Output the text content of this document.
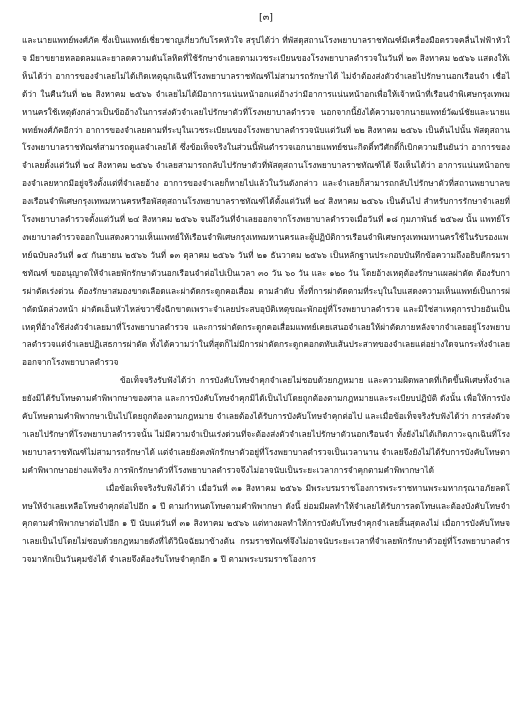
[๓]

และนายแพทย์พงศ์ภัค ซึ่งเป็นแพทย์เชี่ยวชาญเกี่ยวกับโรคหัวใจ สรุปได้ว่า ที่พัสดุสถานโรงพยาบาลราชทัณฑ์มีเครื่องมือตรวจคลื่นไฟฟ้าหัวใจ มียาขยายหลอดลมและยาลดความดันโลหิตที่ใช้รักษาจำเลยตามเวชระเบียนของโรงพยาบาลตำรวจในวันที่ ๒๓ สิงหาคม ๒๕๖๖ แสดงให้เห็นได้ว่า อาการของจำเลยไม่ได้เกิดเหตุฉุกเฉินที่โรงพยาบาลราชทัณฑ์ไม่สามารถรักษาได้ ไม่จำต้องส่งตัวจำเลยไปรักษานอกเรือนจำ เชื่อได้ว่า ในคืนวันที่ ๒๒ สิงหาคม ๒๕๖๖ จำเลยไม่ได้มีอาการแน่นหน้าอกแต่อ้างว่ามีอาการแน่นหน้าอกเพื่อให้เจ้าหน้าที่เรือนจำพิเศษกรุงเทพมหานครใช้เหตุดังกล่าวเป็นข้ออ้างในการส่งตัวจำเลยไปรักษาตัวที่โรงพยาบาลตำรวจ นอกจากนี้ยังได้ความจากนายแพทย์วัฒน์ชัยและนายแพทย์พงศ์ภัคอีกว่า อาการของจำเลยตามที่ระบุในเวชระเบียนของโรงพยาบาลตำรวจนับแต่วันที่ ๒๒ สิงหาคม ๒๕๖๖ เป็นต้นไปนั้น พัสดุสถานโรงพยาบาลราชทัณฑ์สามารถดูแลจำเลยได้ ซึ่งข้อเท็จจริงในส่วนนี้พันตำรวจเอกนายแพทย์ชนะกิตติ์ทวีศักดิ์ก็เบิกความยืนยันว่า อาการของจำเลยตั้งแต่วันที่ ๒๔ สิงหาคม ๒๕๖๖ จำเลยสามารถกลับไปรักษาตัวที่พัสดุสถานโรงพยาบาลราชทัณฑ์ได้ จึงเห็นได้ว่า อาการแน่นหน้าอกของจำเลยหากมีอยู่จริงตั้งแต่ที่จำเลยอ้าง อาการของจำเลยก็หายไปแล้วในวันดังกล่าว และจำเลยก็สามารถกลับไปรักษาตัวที่สถานพยาบาลของเรือนจำพิเศษกรุงเทพมหานครหรือพัสดุสถานโรงพยาบาลราชทัณฑ์ได้ตั้งแต่วันที่ ๒๔ สิงหาคม ๒๕๖๖ เป็นต้นไป สำหรับการรักษาจำเลยที่โรงพยาบาลตำรวจตั้งแต่วันที่ ๒๔ สิงหาคม ๒๕๖๖ จนถึงวันที่จำเลยออกจากโรงพยาบาลตำรวจเมื่อวันที่ ๑๘ กุมภาพันธ์ ๒๕๖๗ นั้น แพทย์โรงพยาบาลตำรวจออกใบแสดงความเห็นแพทย์ให้เรือนจำพิเศษกรุงเทพมหานครและผู้ปฏิบัติการเรือนจำพิเศษกรุงเทพมหานครใช้ในรับรองแพทย์ฉบับลงวันที่ ๑๕ กันยายน ๒๕๖๖ วันที่ ๑๓ ตุลาคม ๒๕๖๖ วันที่ ๒๑ ธันวาคม ๒๕๖๖ เป็นหลักฐานประกอบบันทึกข้อความถึงอธิบดีกรมราชทัณฑ์ ขออนุญาตให้จำเลยพักรักษาตัวนอกเรือนจำต่อไปเป็นเวลา ๓๐ วัน ๖๐ วัน และ ๑๒๐ วัน โดยอ้างเหตุต้องรักษาแผลผ่าตัด ต้องรับการผ่าตัดเร่งด่วน ต้องรักษาสมองขาดเลือดและผ่าตัดกระดูกคอเสื่อม ตามลำดับ ทั้งที่การผ่าตัดตามที่ระบุในใบแสดงความเห็นแพทย์เป็นการผ่าตัดนัดล่วงหน้า ผ่าตัดเอ็นหัวไหล่ขวาซึ่งฉีกขาดเพราะจำเลยประสบอุบัติเหตุขณะพักอยู่ที่โรงพยาบาลตำรวจ และมิใช่สาเหตุการป่วยอันเป็นเหตุที่อ้างใช้ส่งตัวจำเลยมาที่โรงพยาบาลตำรวจ และการผ่าตัดกระดูกคอเสื่อมแพทย์เคยเสนอจำเลยให้ผ่าตัดภายหลังจากจำเลยอยู่โรงพยาบาลตำรวจแต่จำเลยปฏิเสธการผ่าตัด ทั้งได้ความว่าในที่สุดก็ไม่มีการผ่าตัดกระดูกคอกดทับเส้นประสาทของจำเลยแต่อย่างใดจนกระทั่งจำเลยออกจากโรงพยาบาลตำรวจ

ข้อเท็จจริงรับฟังได้ว่า การบังคับโทษจำคุกจำเลยไม่ชอบด้วยกฎหมาย และความผิดพลาดที่เกิดขึ้นพิเศษทั้งจำเลยยังมิได้รับโทษตามคำพิพากษาของศาล และการบังคับโทษจำคุกมิได้เป็นไปโดยถูกต้องตามกฎหมายและระเบียบปฏิบัติ ดังนั้น เพื่อให้การบังคับโทษตามคำพิพากษาเป็นไปโดยถูกต้องตามกฎหมาย จำเลยต้องได้รับการบังคับโทษจำคุกต่อไป และเมื่อข้อเท็จจริงรับฟังได้ว่า การส่งตัวจำเลยไปรักษาที่โรงพยาบาลตำรวจนั้น ไม่มีความจำเป็นเร่งด่วนที่จะต้องส่งตัวจำเลยไปรักษาตัวนอกเรือนจำ ทั้งยังไม่ได้เกิดภาวะฉุกเฉินที่โรงพยาบาลราชทัณฑ์ไม่สามารถรักษาได้ แต่จำเลยยังคงพักรักษาตัวอยู่ที่โรงพยาบาลตำรวจเป็นเวลานาน จำเลยจึงยังไม่ได้รับการบังคับโทษตามคำพิพากษาอย่างแท้จริง การพักรักษาตัวที่โรงพยาบาลตำรวจจึงไม่อาจนับเป็นระยะเวลาการจำคุกตามคำพิพากษาได้

เมื่อข้อเท็จจริงรับฟังได้ว่า เมื่อวันที่ ๓๑ สิงหาคม ๒๕๖๖ มีพระบรมราชโองการพระราชทานพระมหากรุณาอภัยลดโทษให้จำเลยเหลือโทษจำคุกต่อไปอีก ๑ ปี ตามกำหนดโทษตามคำพิพากษา ดังนี้ ย่อมมีผลทำให้จำเลยได้รับการลดโทษและต้องบังคับโทษจำคุกตามคำพิพากษาต่อไปอีก ๑ ปี นับแต่วันที่ ๓๑ สิงหาคม ๒๕๖๖ แต่ทางผลทำให้การบังคับโทษจำคุกจำเลยสิ้นสุดลงไม่ เมื่อการบังคับโทษจำเลยเป็นไปโดยไม่ชอบด้วยกฎหมายดังที่ได้วินิจฉัยมาข้างต้น กรมราชทัณฑ์จึงไม่อาจนับระยะเวลาที่จำเลยพักรักษาตัวอยู่ที่โรงพยาบาลตำรวจมาหักเป็นวันคุมขังได้ จำเลยจึงต้องรับโทษจำคุกอีก ๑ ปี ตามพระบรมราชโองการ
